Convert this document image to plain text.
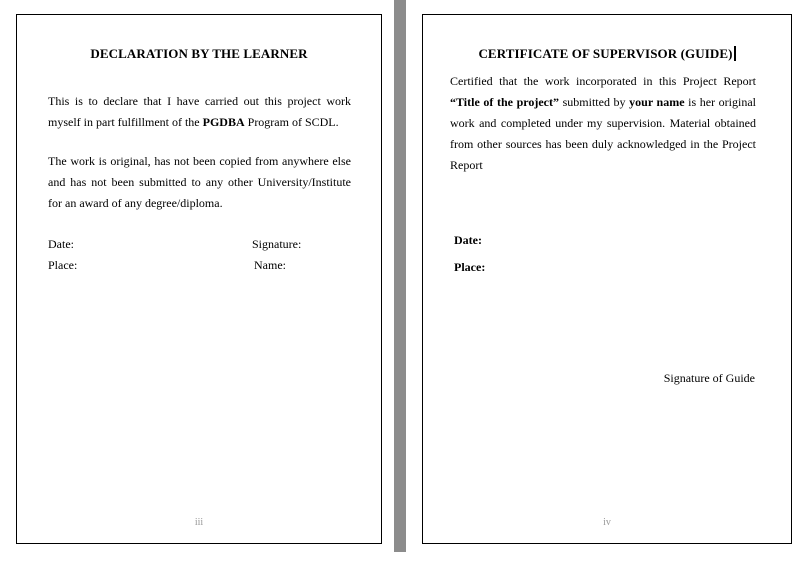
DECLARATION BY THE LEARNER
This is to declare that I have carried out this project work myself in part fulfillment of the PGDBA Program of SCDL.
The work is original, has not been copied from anywhere else and has not been submitted to any other University/Institute for an award of any degree/diploma.
Date:
Place:
Signature:
Name:
iii
CERTIFICATE OF SUPERVISOR (GUIDE)
Certified that the work incorporated in this Project Report “Title of the project” submitted by your name is her original work and completed under my supervision. Material obtained from other sources has been duly acknowledged in the Project Report
Date:
Place:
Signature of Guide
iv
